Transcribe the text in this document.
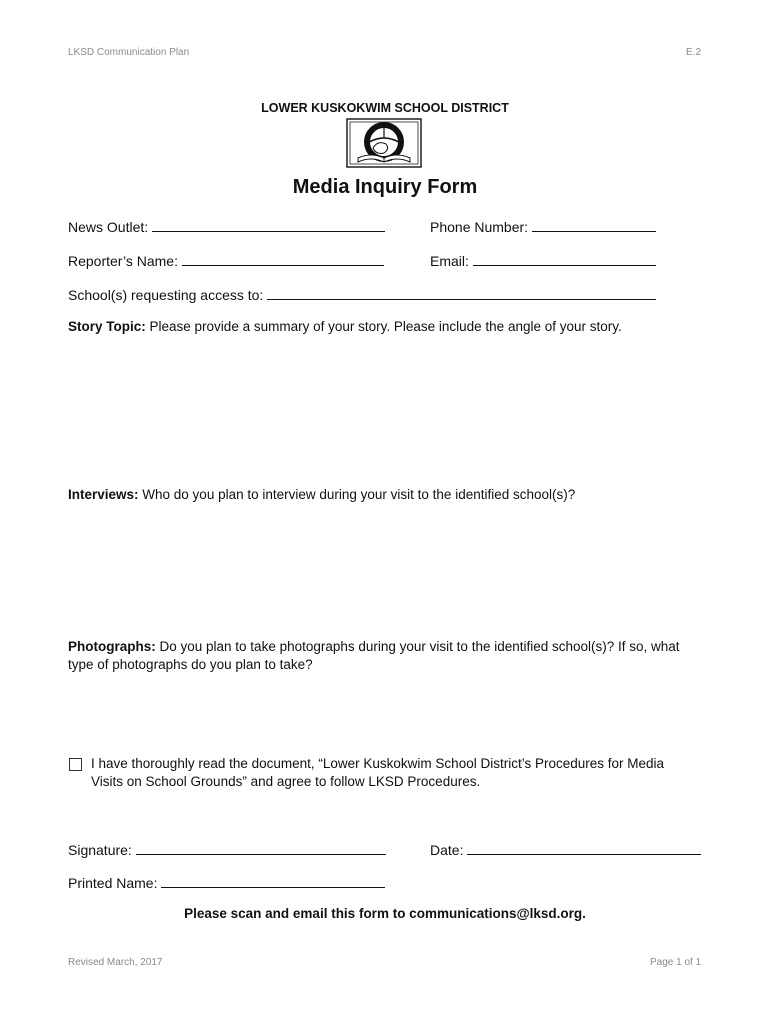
LKSD Communication Plan	E.2
LOWER KUSKOKWIM SCHOOL DISTRICT
Media Inquiry Form
News Outlet:	Phone Number:
Reporter’s Name:	Email:
School(s) requesting access to:
Story Topic: Please provide a summary of your story. Please include the angle of your story.
Interviews: Who do you plan to interview during your visit to the identified school(s)?
Photographs: Do you plan to take photographs during your visit to the identified school(s)? If so, what type of photographs do you plan to take?
I have thoroughly read the document, “Lower Kuskokwim School District’s Procedures for Media
Visits on School Grounds” and agree to follow LKSD Procedures.
Signature:	Date:
Printed Name:
Please scan and email this form to communications@lksd.org.
Revised March, 2017	Page 1 of 1
